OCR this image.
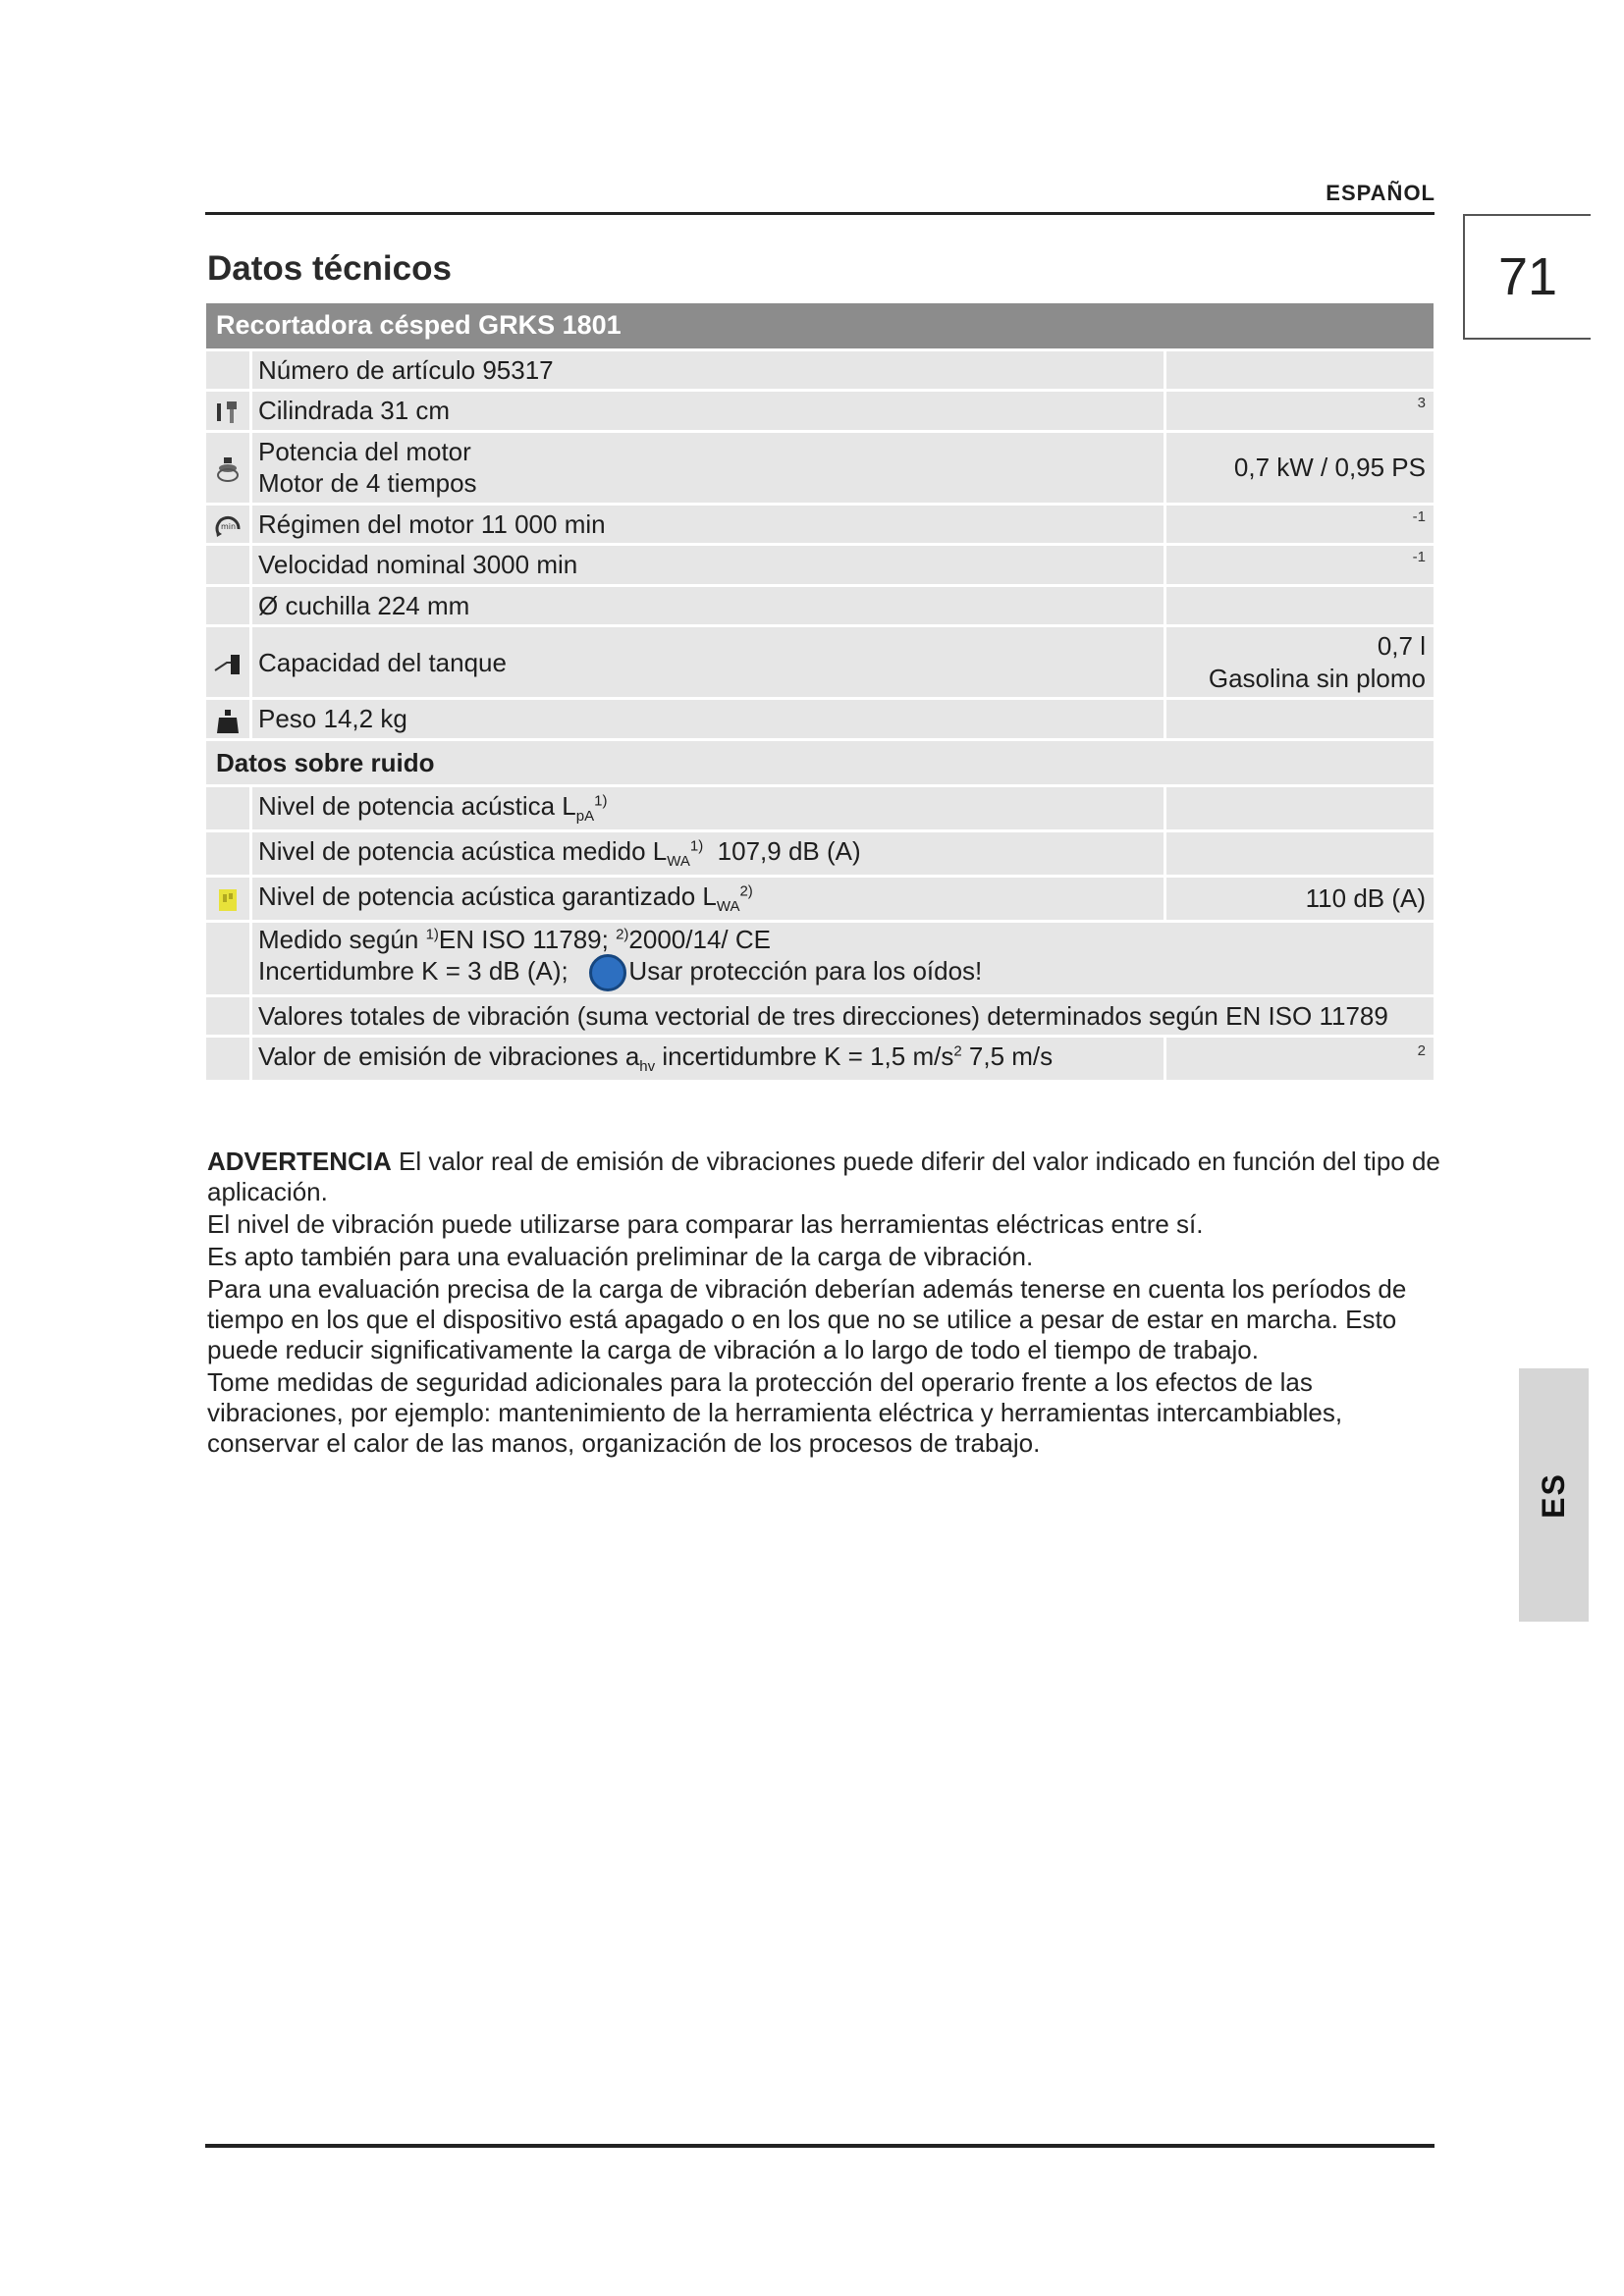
ESPAÑOL
71
Datos técnicos
Recortadora césped GRKS 1801		
	Número de artículo 95317	
	Cilindrada 31 cm	$^3$

Potencia del motor
Motor de 4 tiempos	0,7 kW / 0,95 PS

min	Régimen del motor 11 000 min	$^{-1}$
	Velocidad nominal 3000 min	$^{-1}$
	Ø cuchilla 224 mm	
	Capacidad del tanque	0,7 l
Gasolina sin plomo

	Peso 14,2 kg	
Datos sobre ruido		
	Nivel de potencia acústica $L_{pA}^{1)}$	
	Nivel de potencia acústica medido $L_{WA}^{1)}$ 107,9 dB (A)	
	Nivel de potencia acústica garantizado $L_{WA}^{2)}$	110 dB (A)

	Medido según $^{1)}$EN ISO 11789; $^{2)}$2000/14/ CE
Incertidumbre K = 3 dB (A); Usar protección para los oídos!	

	Valores totales de vibración (suma vectorial de tres direcciones) determinados según EN ISO 11789	
	Valor de emisión de vibraciones $a_{hv}$ incertidumbre K = 1,5 $m/s^2$ 7,5 m/s	$^2$

ADVERTENCIA El valor real de emisión de vibraciones puede diferir del valor indicado en función del tipo de aplicación.

El nivel de vibración puede utilizarse para comparar las herramientas eléctricas entre sí.

Es apto también para una evaluación preliminar de la carga de vibración.

Para una evaluación precisa de la carga de vibración deberían además tenerse en cuenta los períodos de tiempo en los que el dispositivo está apagado o en los que no se utilice a pesar de estar en marcha. Esto puede reducir significativamente la carga de vibración a lo largo de todo el tiempo de trabajo.

Tome medidas de seguridad adicionales para la protección del operario frente a los efectos de las vibraciones, por ejemplo: mantenimiento de la herramienta eléctrica y herramientas intercambiables, conservar el calor de las manos, organización de los procesos de trabajo.

ES
